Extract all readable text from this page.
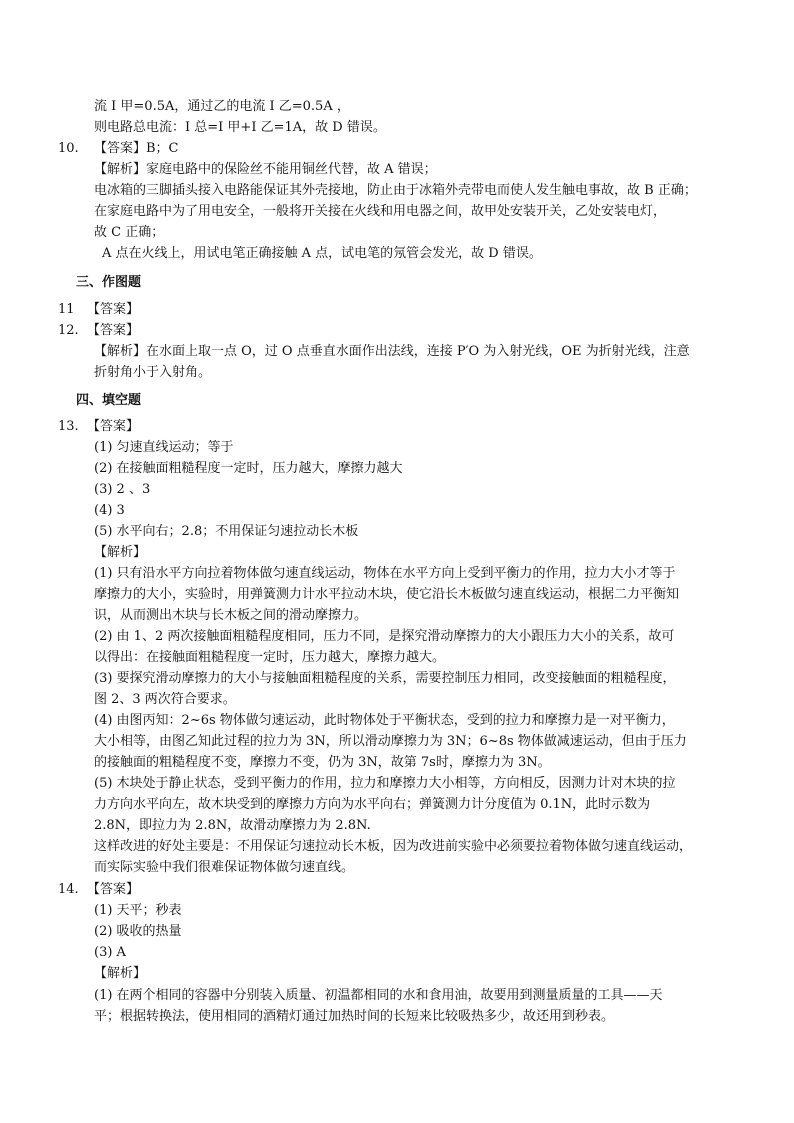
流 I 甲=0.5A，通过乙的电流 I 乙=0.5A ，
则电路总电流：I 总=I 甲+I 乙=1A，故 D 错误。
10. 【答案】B；C
【解析】家庭电路中的保险丝不能用铜丝代替，故 A 错误；
电冰箱的三脚插头接入电路能保证其外壳接地，防止由于冰箱外壳带电而使人发生触电事故，故 B 正确；
在家庭电路中为了用电安全，一般将开关接在火线和用电器之间，故甲处安装开关，乙处安装电灯，
故 C 正确；
A 点在火线上，用试电笔正确接触 A 点，试电笔的氖管会发光，故 D 错误。
三、作图题
11 【答案】
12. 【答案】
【解析】在水面上取一点 O，过 O 点垂直水面作出法线，连接 P′O 为入射光线，OE 为折射光线，注意
折射角小于入射角。
四、填空题
13. 【答案】
(1) 匀速直线运动；等于
(2) 在接触面粗糙程度一定时，压力越大，摩擦力越大
(3) 2 、3
(4) 3
(5) 水平向右；2.8；不用保证匀速拉动长木板
【解析】
(1) 只有沿水平方向拉着物体做匀速直线运动，物体在水平方向上受到平衡力的作用，拉力大小才等于
摩擦力的大小，实验时，用弹簧测力计水平拉动木块，使它沿长木板做匀速直线运动，根据二力平衡知
识，从而测出木块与长木板之间的滑动摩擦力。
(2) 由 1、2 两次接触面粗糙程度相同，压力不同，是探究滑动摩擦力的大小跟压力大小的关系，故可
以得出：在接触面粗糙程度一定时，压力越大，摩擦力越大。
(3) 要探究滑动摩擦力的大小与接触面粗糙程度的关系，需要控制压力相同，改变接触面的粗糙程度，
图 2、3 两次符合要求。
(4) 由图丙知：2~6s 物体做匀速运动，此时物体处于平衡状态，受到的拉力和摩擦力是一对平衡力，
大小相等，由图乙知此过程的拉力为 3N，所以滑动摩擦力为 3N；6~8s 物体做减速运动，但由于压力
的接触面的粗糙程度不变，摩擦力不变，仍为 3N，故第 7s时，摩擦力为 3N。
(5) 木块处于静止状态，受到平衡力的作用，拉力和摩擦力大小相等，方向相反，因测力计对木块的拉
力方向水平向左，故木块受到的摩擦力方向为水平向右；弹簧测力计分度值为 0.1N，此时示数为
2.8N，即拉力为 2.8N，故滑动摩擦力为 2.8N.
这样改进的好处主要是：不用保证匀速拉动长木板，因为改进前实验中必须要拉着物体做匀速直线运动，
而实际实验中我们很难保证物体做匀速直线。
14. 【答案】
(1) 天平；秒表
(2) 吸收的热量
(3) A
【解析】
(1) 在两个相同的容器中分别装入质量、初温都相同的水和食用油，故要用到测量质量的工具——天
平；根据转换法，使用相同的酒精灯通过加热时间的长短来比较吸热多少，故还用到秒表。
